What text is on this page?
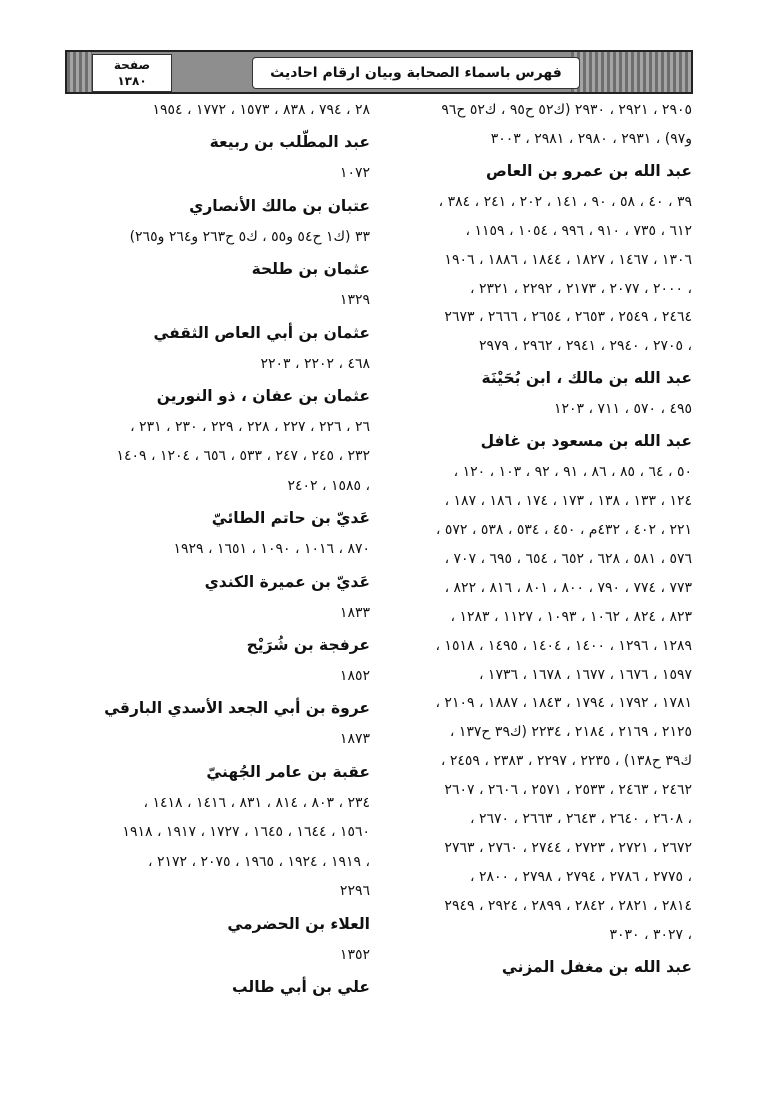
فهرس باسماء الصحابة وبيان ارقام احاديث
صفحة
١٣٨٠
٢٩٠٥ ، ٢٩٢١ ، ٢٩٣٠ (ك٥٢ ح٩٥ ، ك٥٢ ح٩٦
و٩٧) ، ٢٩٣١ ، ٢٩٨٠ ، ٢٩٨١ ، ٣٠٠٣
عبد الله بن عمرو بن العاص
٣٩ ، ٤٠ ، ٥٨ ، ٩٠ ، ١٤١ ، ٢٠٢ ، ٢٤١ ، ٣٨٤ ،
٦١٢ ، ٧٣٥ ، ٩١٠ ، ٩٩٦ ، ١٠٥٤ ، ١١٥٩ ،
١٣٠٦ ، ١٤٦٧ ، ١٨٢٧ ، ١٨٤٤ ، ١٨٨٦ ، ١٩٠٦
، ٢٠٠٠ ، ٢٠٧٧ ، ٢١٧٣ ، ٢٢٩٢ ، ٢٣٢١ ،
٢٤٦٤ ، ٢٥٤٩ ، ٢٦٥٣ ، ٢٦٥٤ ، ٢٦٦٦ ، ٢٦٧٣
، ٢٧٠٥ ، ٢٩٤٠ ، ٢٩٤١ ، ٢٩٦٢ ، ٢٩٧٩
عبد الله بن مالك ، ابن بُحَيْنَة
٤٩٥ ، ٥٧٠ ، ٧١١ ، ١٢٠٣
عبد الله بن مسعود بن غافل
٥٠ ، ٦٤ ، ٨٥ ، ٨٦ ، ٩١ ، ٩٢ ، ١٠٣ ، ١٢٠ ،
١٢٤ ، ١٣٣ ، ١٣٨ ، ١٧٣ ، ١٧٤ ، ١٨٦ ، ١٨٧ ،
٢٢١ ، ٤٠٢ ، ٤٣٢م ، ٤٥٠ ، ٥٣٤ ، ٥٣٨ ، ٥٧٢ ،
٥٧٦ ، ٥٨١ ، ٦٢٨ ، ٦٥٢ ، ٦٥٤ ، ٦٩٥ ، ٧٠٧ ،
٧٧٣ ، ٧٧٤ ، ٧٩٠ ، ٨٠٠ ، ٨٠١ ، ٨١٦ ، ٨٢٢ ،
٨٢٣ ، ٨٢٤ ، ١٠٦٢ ، ١٠٩٣ ، ١١٢٧ ، ١٢٨٣ ،
١٢٨٩ ، ١٢٩٦ ، ١٤٠٠ ، ١٤٠٤ ، ١٤٩٥ ، ١٥١٨ ،
١٥٩٧ ، ١٦٧٦ ، ١٦٧٧ ، ١٦٧٨ ، ١٧٣٦ ،
١٧٨١ ، ١٧٩٢ ، ١٧٩٤ ، ١٨٤٣ ، ١٨٨٧ ، ٢١٠٩ ،
٢١٢٥ ، ٢١٦٩ ، ٢١٨٤ ، ٢٢٣٤ (ك٣٩ ح١٣٧ ،
ك٣٩ ح١٣٨) ، ٢٢٣٥ ، ٢٢٩٧ ، ٢٣٨٣ ، ٢٤٥٩ ،
٢٤٦٢ ، ٢٤٦٣ ، ٢٥٣٣ ، ٢٥٧١ ، ٢٦٠٦ ، ٢٦٠٧
، ٢٦٠٨ ، ٢٦٤٠ ، ٢٦٤٣ ، ٢٦٦٣ ، ٢٦٧٠ ،
٢٦٧٢ ، ٢٧٢١ ، ٢٧٢٣ ، ٢٧٤٤ ، ٢٧٦٠ ، ٢٧٦٣
، ٢٧٧٥ ، ٢٧٨٦ ، ٢٧٩٤ ، ٢٧٩٨ ، ٢٨٠٠ ،
٢٨١٤ ، ٢٨٢١ ، ٢٨٤٢ ، ٢٨٩٩ ، ٢٩٢٤ ، ٢٩٤٩
، ٣٠٢٧ ، ٣٠٣٠
عبد الله بن مغفل المزني
٢٨ ، ٧٩٤ ، ٨٣٨ ، ١٥٧٣ ، ١٧٧٢ ، ١٩٥٤
عبد المطّلب بن ربيعة
١٠٧٢
عتبان بن مالك الأنصاري
٣٣ (ك١ ح٥٤ و٥٥ ، ك٥ ح٢٦٣ و٢٦٤ و٢٦٥)
عثمان بن طلحة
١٣٢٩
عثمان بن أبي العاص الثقفي
٤٦٨ ، ٢٢٠٢ ، ٢٢٠٣
عثمان بن عفان ، ذو النورين
٢٦ ، ٢٢٦ ، ٢٢٧ ، ٢٢٨ ، ٢٢٩ ، ٢٣٠ ، ٢٣١ ،
٢٣٢ ، ٢٤٥ ، ٢٤٧ ، ٥٣٣ ، ٦٥٦ ، ١٢٠٤ ، ١٤٠٩
، ١٥٨٥ ، ٢٤٠٢
عَديّ بن حاتم الطائيّ
٨٧٠ ، ١٠١٦ ، ١٠٩٠ ، ١٦٥١ ، ١٩٢٩
عَديّ بن عميرة الكندي
١٨٣٣
عرفجة بن شُرَيْح
١٨٥٢
عروة بن أبي الجعد الأسدي البارقي
١٨٧٣
عقبة بن عامر الجُهنيّ
٢٣٤ ، ٨٠٣ ، ٨١٤ ، ٨٣١ ، ١٤١٦ ، ١٤١٨ ،
١٥٦٠ ، ١٦٤٤ ، ١٦٤٥ ، ١٧٢٧ ، ١٩١٧ ، ١٩١٨
، ١٩١٩ ، ١٩٢٤ ، ١٩٦٥ ، ٢٠٧٥ ، ٢١٧٢ ،
٢٢٩٦
العلاء بن الحضرمي
١٣٥٢
علي بن أبي طالب
